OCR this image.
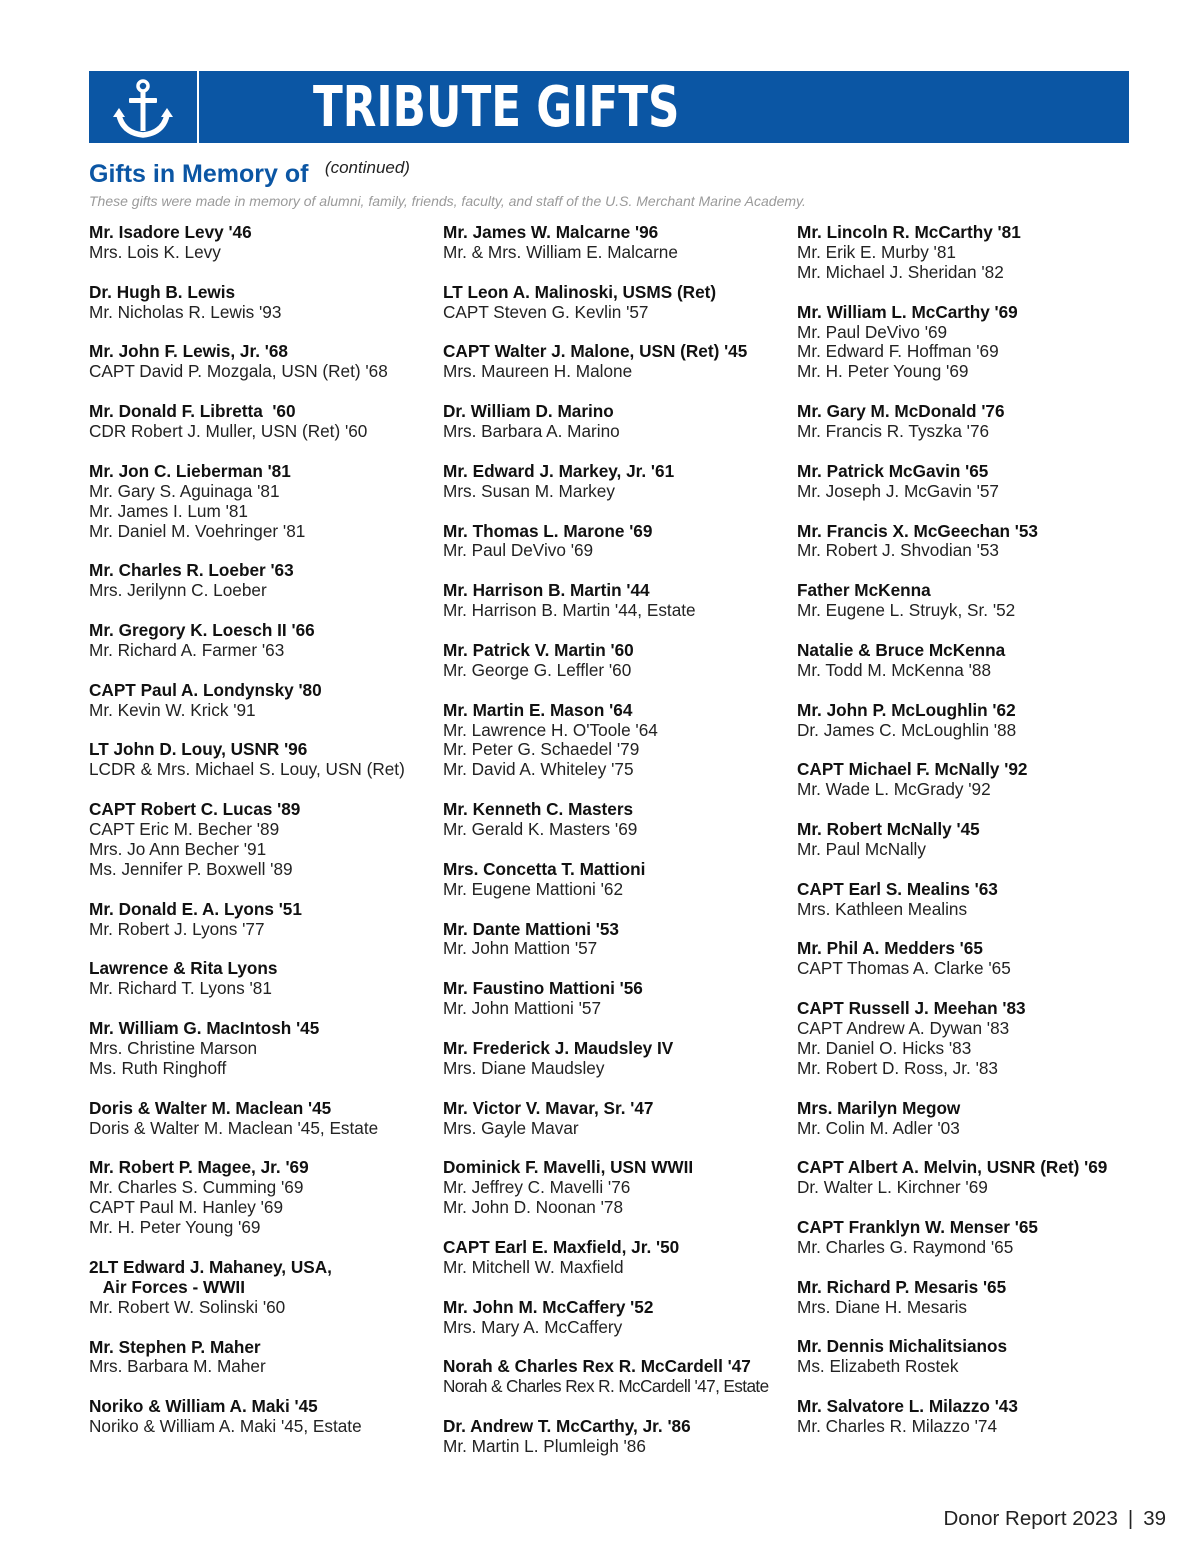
TRIBUTE GIFTS
Gifts in Memory of (continued)
These gifts were made in memory of alumni, family, friends, faculty, and staff of the U.S. Merchant Marine Academy.
Mr. Isadore Levy '46
Mrs. Lois K. Levy
Dr. Hugh B. Lewis
Mr. Nicholas R. Lewis '93
Mr. John F. Lewis, Jr. '68
CAPT David P. Mozgala, USN (Ret) '68
Mr. Donald F. Libretta  '60
CDR Robert J. Muller, USN (Ret) '60
Mr. Jon C. Lieberman '81
Mr. Gary S. Aguinaga '81
Mr. James I. Lum '81
Mr. Daniel M. Voehringer '81
Mr. Charles R. Loeber '63
Mrs. Jerilynn C. Loeber
Mr. Gregory K. Loesch II '66
Mr. Richard A. Farmer '63
CAPT Paul A. Londynsky '80
Mr. Kevin W. Krick '91
LT John D. Louy, USNR '96
LCDR & Mrs. Michael S. Louy, USN (Ret)
CAPT Robert C. Lucas '89
CAPT Eric M. Becher '89
Mrs. Jo Ann Becher '91
Ms. Jennifer P. Boxwell '89
Mr. Donald E. A. Lyons '51
Mr. Robert J. Lyons '77
Lawrence & Rita Lyons
Mr. Richard T. Lyons '81
Mr. William G. MacIntosh '45
Mrs. Christine Marson
Ms. Ruth Ringhoff
Doris & Walter M. Maclean '45
Doris & Walter M. Maclean '45, Estate
Mr. Robert P. Magee, Jr. '69
Mr. Charles S. Cumming '69
CAPT Paul M. Hanley '69
Mr. H. Peter Young '69
2LT Edward J. Mahaney, USA,
Air Forces - WWII
Mr. Robert W. Solinski '60
Mr. Stephen P. Maher
Mrs. Barbara M. Maher
Noriko & William A. Maki '45
Noriko & William A. Maki '45, Estate
Mr. James W. Malcarne '96
Mr. & Mrs. William E. Malcarne
LT Leon A. Malinoski, USMS (Ret)
CAPT Steven G. Kevlin '57
CAPT Walter J. Malone, USN (Ret) '45
Mrs. Maureen H. Malone
Dr. William D. Marino
Mrs. Barbara A. Marino
Mr. Edward J. Markey, Jr. '61
Mrs. Susan M. Markey
Mr. Thomas L. Marone '69
Mr. Paul DeVivo '69
Mr. Harrison B. Martin '44
Mr. Harrison B. Martin '44, Estate
Mr. Patrick V. Martin '60
Mr. George G. Leffler '60
Mr. Martin E. Mason '64
Mr. Lawrence H. O'Toole '64
Mr. Peter G. Schaedel '79
Mr. David A. Whiteley '75
Mr. Kenneth C. Masters
Mr. Gerald K. Masters '69
Mrs. Concetta T. Mattioni
Mr. Eugene Mattioni '62
Mr. Dante Mattioni '53
Mr. John Mattion '57
Mr. Faustino Mattioni '56
Mr. John Mattioni '57
Mr. Frederick J. Maudsley IV
Mrs. Diane Maudsley
Mr. Victor V. Mavar, Sr. '47
Mrs. Gayle Mavar
Dominick F. Mavelli, USN WWII
Mr. Jeffrey C. Mavelli '76
Mr. John D. Noonan '78
CAPT Earl E. Maxfield, Jr. '50
Mr. Mitchell W. Maxfield
Mr. John M. McCaffery '52
Mrs. Mary A. McCaffery
Norah & Charles Rex R. McCardell '47
Norah & Charles Rex R. McCardell '47, Estate
Dr. Andrew T. McCarthy, Jr. '86
Mr. Martin L. Plumleigh '86
Mr. Lincoln R. McCarthy '81
Mr. Erik E. Murby '81
Mr. Michael J. Sheridan '82
Mr. William L. McCarthy '69
Mr. Paul DeVivo '69
Mr. Edward F. Hoffman '69
Mr. H. Peter Young '69
Mr. Gary M. McDonald '76
Mr. Francis R. Tyszka '76
Mr. Patrick McGavin '65
Mr. Joseph J. McGavin '57
Mr. Francis X. McGeechan '53
Mr. Robert J. Shvodian '53
Father McKenna
Mr. Eugene L. Struyk, Sr. '52
Natalie & Bruce McKenna
Mr. Todd M. McKenna '88
Mr. John P. McLoughlin '62
Dr. James C. McLoughlin '88
CAPT Michael F. McNally '92
Mr. Wade L. McGrady '92
Mr. Robert McNally '45
Mr. Paul McNally
CAPT Earl S. Mealins '63
Mrs. Kathleen Mealins
Mr. Phil A. Medders '65
CAPT Thomas A. Clarke '65
CAPT Russell J. Meehan '83
CAPT Andrew A. Dywan '83
Mr. Daniel O. Hicks '83
Mr. Robert D. Ross, Jr. '83
Mrs. Marilyn Megow
Mr. Colin M. Adler '03
CAPT Albert A. Melvin, USNR (Ret) '69
Dr. Walter L. Kirchner '69
CAPT Franklyn W. Menser '65
Mr. Charles G. Raymond '65
Mr. Richard P. Mesaris '65
Mrs. Diane H. Mesaris
Mr. Dennis Michalitsianos
Ms. Elizabeth Rostek
Mr. Salvatore L. Milazzo '43
Mr. Charles R. Milazzo '74
Donor Report 2023 | 39
